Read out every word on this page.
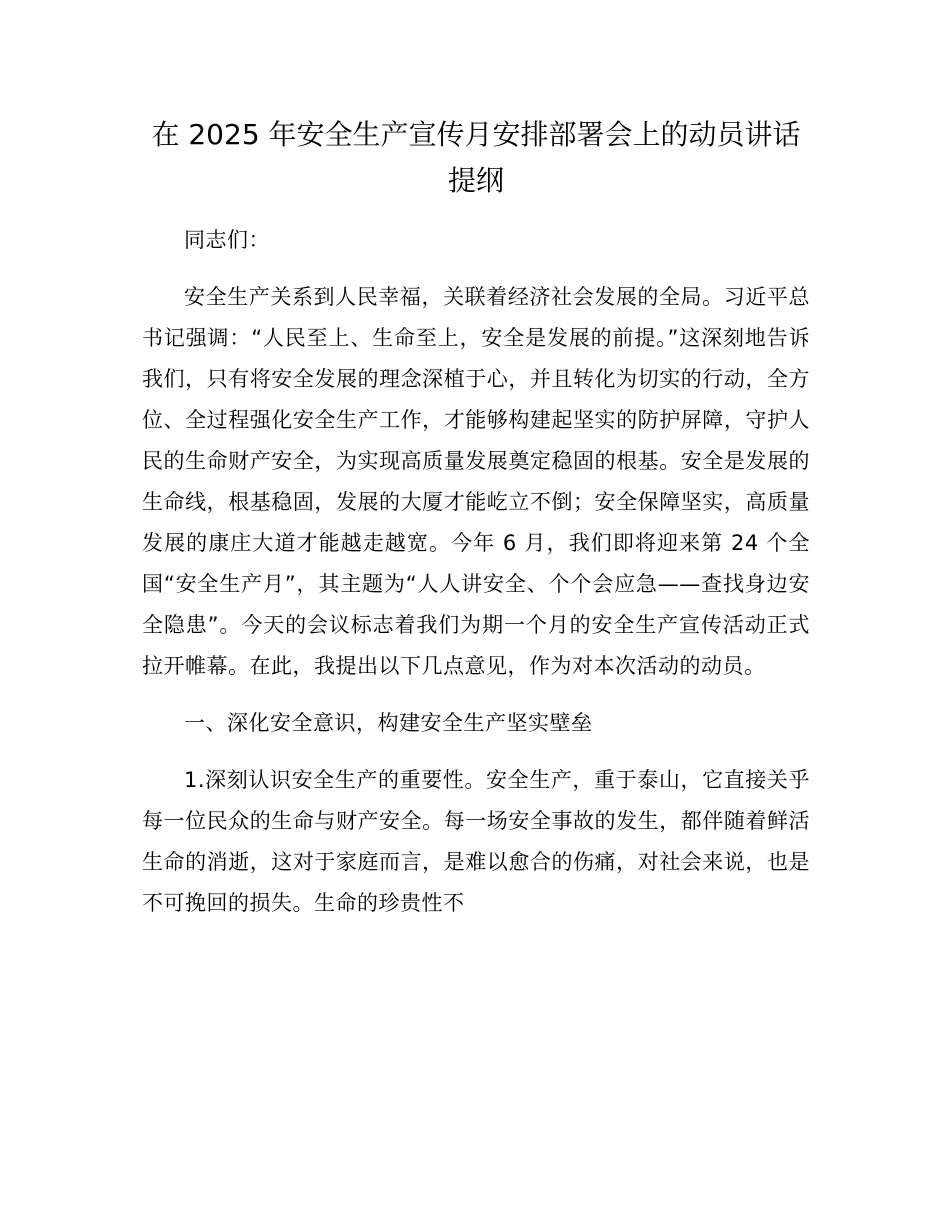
在 2025 年安全生产宣传月安排部署会上的动员讲话提纲

同志们：

安全生产关系到人民幸福，关联着经济社会发展的全局。习近平总书记强调：“人民至上、生命至上，安全是发展的前提。”这深刻地告诉我们，只有将安全发展的理念深植于心，并且转化为切实的行动，全方位、全过程强化安全生产工作，才能够构建起坚实的防护屏障，守护人民的生命财产安全，为实现高质量发展奠定稳固的根基。安全是发展的生命线，根基稳固，发展的大厦才能屹立不倒；安全保障坚实，高质量发展的康庄大道才能越走越宽。今年 6 月，我们即将迎来第 24 个全国“安全生产月”，其主题为“人人讲安全、个个会应急——查找身边安全隐患”。今天的会议标志着我们为期一个月的安全生产宣传活动正式拉开帷幕。在此，我提出以下几点意见，作为对本次活动的动员。

一、深化安全意识，构建安全生产坚实壁垒

1.深刻认识安全生产的重要性。安全生产，重于泰山，它直接关乎每一位民众的生命与财产安全。每一场安全事故的发生，都伴随着鲜活生命的消逝，这对于家庭而言，是难以愈合的伤痛，对社会来说，也是不可挽回的损失。生命的珍贵性不
